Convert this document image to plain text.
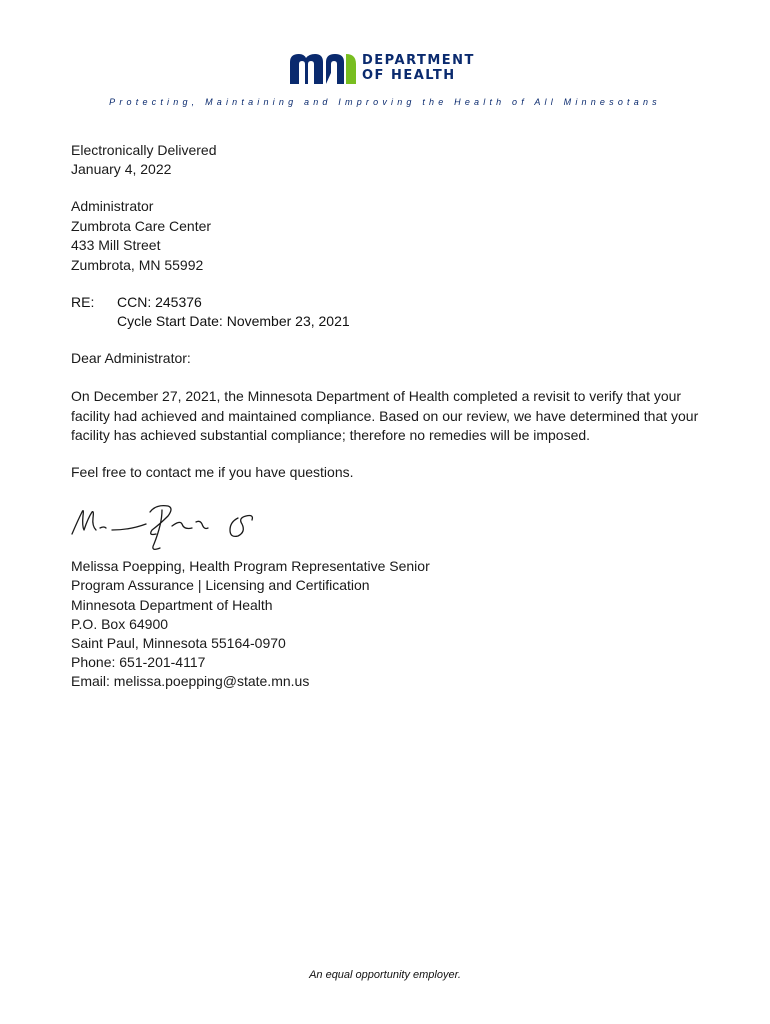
DEPARTMENT
OF HEALTH
Protecting, Maintaining and Improving the Health of All Minnesotans
Electronically Delivered
January 4, 2022
Administrator
Zumbrota Care Center
433 Mill Street
Zumbrota, MN 55992
RE: CCN: 245376
Cycle Start Date: November 23, 2021
Dear Administrator:
On December 27, 2021, the Minnesota Department of Health completed a revisit to verify that your
facility had achieved and maintained compliance. Based on our review, we have determined that your
facility has achieved substantial compliance; therefore no remedies will be imposed.
Feel free to contact me if you have questions.
Melissa Poepping, Health Program Representative Senior
Program Assurance | Licensing and Certification
Minnesota Department of Health
P.O. Box 64900
Saint Paul, Minnesota 55164-0970
Phone: 651-201-4117
Email: melissa.poepping@state.mn.us
An equal opportunity employer.
